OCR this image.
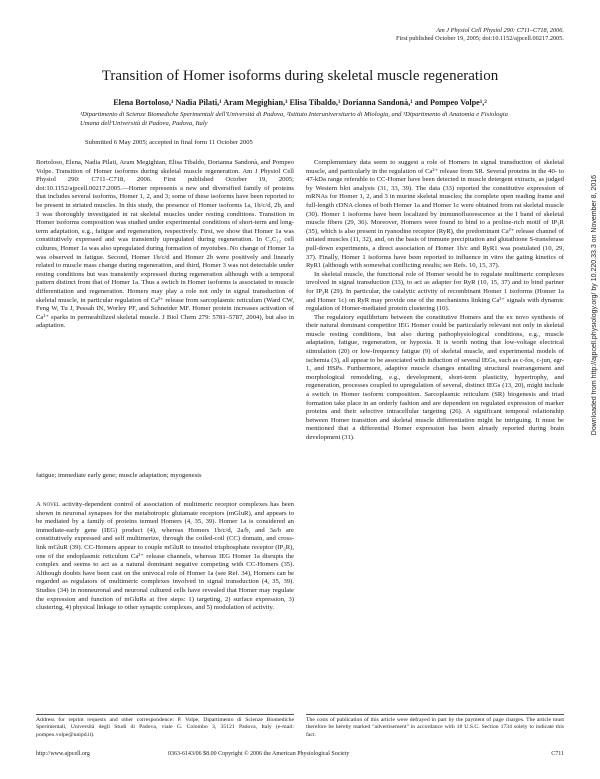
Am J Physiol Cell Physiol 290: C711–C718, 2006.
First published October 19, 2005; doi:10.1152/ajpcell.00217.2005.
Transition of Homer isoforms during skeletal muscle regeneration
Elena Bortoloso,¹ Nadia Pilati,¹ Aram Megighian,³ Elisa Tibaldo,¹ Dorianna Sandonà,¹ and Pompeo Volpe¹,²
¹Dipartimento di Scienze Biomediche Sperimentali dell'Università di Padova, ²Istituto Interuniversitario di Miologia, and ³Dipartimento di Anatomia e Fisiologia Umana dell'Università di Padova, Padova, Italy
Submitted 6 May 2005; accepted in final form 11 October 2005

Bortoloso, Elena, Nadia Pilati, Aram Megighian, Elisa Tibaldo, Dorianna Sandonà, and Pompeo Volpe. Transition of Homer isoforms during skeletal muscle regeneration. Am J Physiol Cell Physiol 290: C711–C718, 2006. First published October 19, 2005; doi:10.1152/ajpcell.00217.2005.—Homer represents a new and diversified family of proteins that includes several isoforms, Homer 1, 2, and 3; some of these isoforms have been reported to be present in striated muscles. In this study, the presence of Homer isoforms 1a, 1b/c/d, 2b, and 3 was thoroughly investigated in rat skeletal muscles under resting conditions. Transition in Homer isoforms composition was studied under experimental conditions of short-term and long-term adaptation, e.g., fatigue and regeneration, respectively. First, we show that Homer 1a was constitutively expressed and was transiently upregulated during regeneration. In C₂C₁₂ cell cultures, Homer 1a was also upregulated during formation of myotubes. No change of Homer 1a was observed in fatigue. Second, Homer 1b/c/d and Homer 2b were positively and linearly related to muscle mass change during regeneration, and third, Homer 3 was not detectable under resting conditions but was transiently expressed during regeneration although with a temporal pattern distinct from that of Homer 1a. Thus a switch in Homer isoforms is associated to muscle differentiation and regeneration. Homers may play a role not only in signal transduction of skeletal muscle, in particular regulation of Ca²⁺ release from sarcoplasmic reticulum (Ward CW, Feng W, Tu J, Pessah IN, Worley PF, and Schneider MF. Homer protein increases activation of Ca²⁺ sparks in permeabilized skeletal muscle. J Biol Chem 279: 5781–5787, 2004), but also in adaptation.

fatigue; immediate early gene; muscle adaptation; myogenesis

A novel activity-dependent control of association of multimeric receptor complexes has been shown in neuronal synapses for the metabotropic glutamate receptors (mGluR), and appears to be mediated by a family of proteins termed Homers (4, 35, 39). Homer 1a is considered an immediate-early gene (IEG) product (4), whereas Homers 1b/c/d, 2a/b, and 3a/b are constitutively expressed and self multimerize, through the coiled-coil (CC) domain, and cross-link mGluR (39). CC-Homers appear to couple mGluR to inositol trisphosphate receptor (IP₃R), one of the endoplasmic reticulum Ca²⁺ release channels, whereas IEG Homer 1a disrupts the complex and seems to act as a natural dominant negative competing with CC-Homers (35). Although doubts have been cast on the univocal role of Homer 1a (see Ref. 34), Homers can be regarded as regulators of multimeric complexes involved in signal transduction (4, 35, 39). Studies (34) in nonneuronal and neuronal cultured cells have revealed that Homer may regulate the expression and function of mGluRs at five steps: 1) targeting, 2) surface expression, 3) clustering, 4) physical linkage to other synaptic complexes, and 5) modulation of activity.

Complementary data seem to suggest a role of Homers in signal transduction of skeletal muscle, and particularly in the regulation of Ca²⁺ release from SR. Several proteins in the 40- to 47-kDa range referable to CC-Homer have been detected in muscle detergent extracts, as judged by Western blot analysis (31, 33, 39). The data (33) reported the constitutive expression of mRNAs for Homer 1, 2, and 3 in murine skeletal muscles; the complete open reading frame and full-length cDNA clones of both Homer 1a and Homer 1c were obtained from rat skeletal muscle (30). Homer 1 isoforms have been localized by immunofluorescence at the I band of skeletal muscle fibers (29, 36). Moreover, Homers were found to bind to a proline-rich motif of IP₃R (35), which is also present in ryanodine receptor (RyR), the predominant Ca²⁺ release channel of striated muscles (11, 32), and, on the basis of immune precipitation and glutathione S-transferase pull-down experiments, a direct association of Homer 1b/c and RyR1 was postulated (10, 29, 37). Finally, Homer 1 isoforms have been reported to influence in vitro the gating kinetics of RyR1 (although with somewhat conflicting results; see Refs. 10, 15, 37).

In skeletal muscle, the functional role of Homer would be to regulate multimeric complexes involved in signal transduction (33), to act as adapter for RyR (10, 15, 37) and to bind partner for IP₃R (29). In particular, the catalytic activity of recombinant Homer 1 isoforms (Homer 1a and Homer 1c) on RyR may provide one of the mechanisms linking Ca²⁺ signals with dynamic regulation of Homer-mediated protein clustering (10).

The regulatory equilibrium between the constitutive Homers and the ex novo synthesis of their natural dominant competitor IEG Homer could be particularly relevant not only in skeletal muscle resting conditions, but also during pathophysiological conditions, e.g., muscle adaptation, fatigue, regeneration, or hypoxia. It is worth noting that low-voltage electrical stimulation (20) or low-frequency fatigue (9) of skeletal muscle, and experimental models of ischemia (3), all appear to be associated with induction of several IEGs, such as c-fos, c-jun, egr-1, and HSPs. Furthermore, adaptive muscle changes entailing structural rearrangement and morphological remodeling, e.g., development, short-term plasticity, hypertrophy, and regeneration, processes coupled to upregulation of several, distinct IEGs (13, 20), might include a switch in Homer isoform composition. Sarcoplasmic reticulum (SR) biogenesis and triad formation take place in an orderly fashion and are dependent on regulated expression of marker proteins and their selective intracellular targeting (26). A significant temporal relationship between Homer transition and skeletal muscle differentiation might be intriguing. It must be mentioned that a differential Homer expression has been already reported during brain development (31).

Address for reprint requests and other correspondence: P. Volpe, Dipartimento di Scienze Biomediche Sperimentali, Università degli Studi di Padova, viale G. Colombo 3, 35121 Padova, Italy (e-mail: pompeo.volpe@unipd.it).
The costs of publication of this article were defrayed in part by the payment of page charges. The article must therefore be hereby marked "advertisement" in accordance with 18 U.S.C. Section 1734 solely to indicate this fact.
http://www.ajpcell.org	0363-6143/06 $8.00 Copyright © 2006 the American Physiological Society	C711
Downloaded from http://ajpcell.physiology.org/ by 10.220.33.3 on November 8, 2016
